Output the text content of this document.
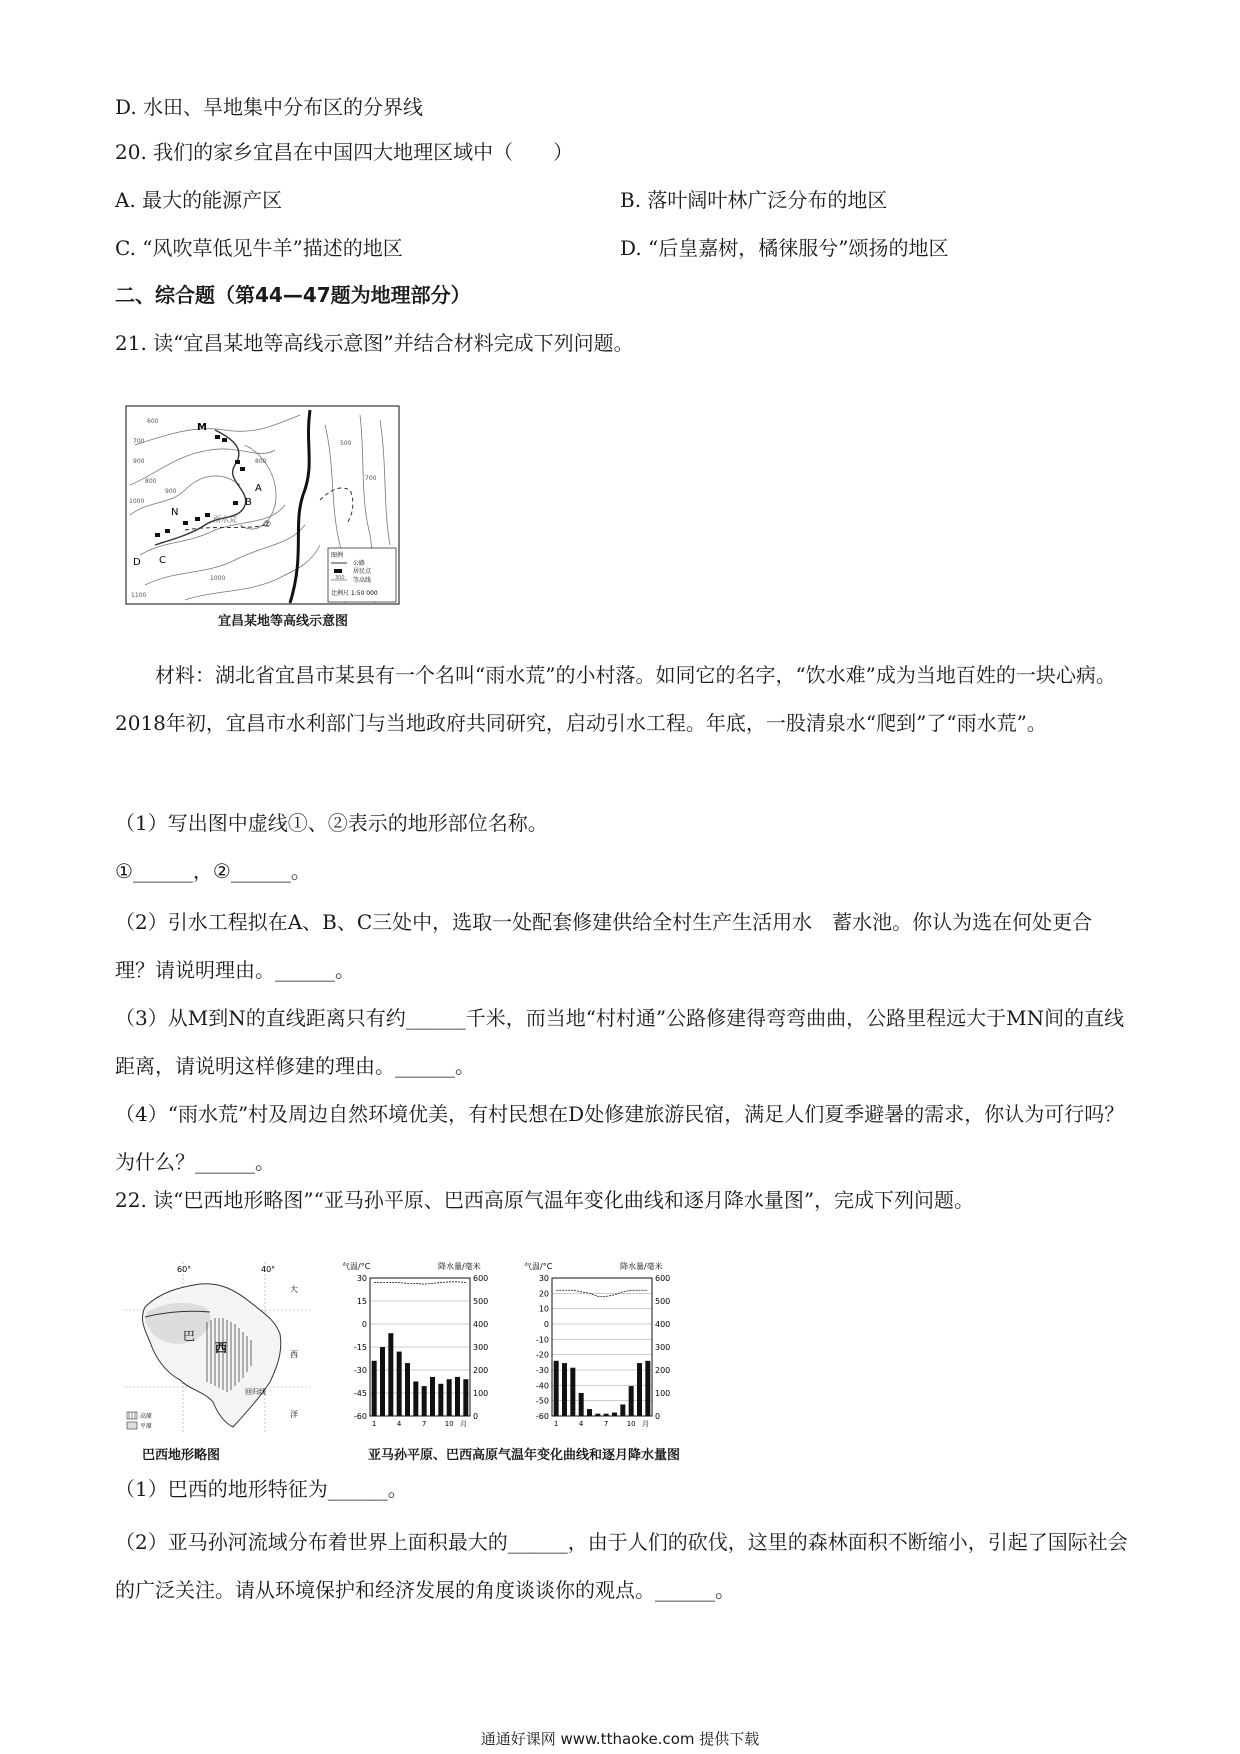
D. 水田、旱地集中分布区的分界线
20. 我们的家乡宜昌在中国四大地理区域中（　　）
A. 最大的能源产区	B. 落叶阔叶林广泛分布的地区
C. “风吹草低见牛羊”描述的地区	D. “后皇嘉树，橘徕服兮”颂扬的地区
二、综合题（第44—47题为地理部分）
21. 读“宜昌某地等高线示意图”并结合材料完成下列问题。
M
N
A
B
C
D
雨水荒
②
600
700
900
1000
800
900
1000
1100
800
700
500
图例
公路
居民点
300 等高线
比例尺 1:50 000
宜昌某地等高线示意图
材料：湖北省宜昌市某县有一个名叫“雨水荒”的小村落。如同它的名字，“饮水难”成为当地百姓的一块心病。2018年初，宜昌市水利部门与当地政府共同研究，启动引水工程。年底，一股清泉水“爬到”了“雨水荒”。
（1）写出图中虚线①、②表示的地形部位名称。
①______，②______。
（2）引水工程拟在A、B、C三处中，选取一处配套修建供给全村生产生活用水　蓄水池。你认为选在何处更合理？请说明理由。______。
（3）从M到N的直线距离只有约______千米，而当地“村村通”公路修建得弯弯曲曲，公路里程远大于MN间的直线距离，请说明这样修建的理由。______。
（4）“雨水荒”村及周边自然环境优美，有村民想在D处修建旅游民宿，满足人们夏季避暑的需求，你认为可行吗？为什么？______。
22. 读“巴西地形略图”“亚马孙平原、巴西高原气温年变化曲线和逐月降水量图”，完成下列问题。
60°	40°
大
巴
西	西
回归线
洋
高原
平原
巴西地形略图
气温/°C	降水量/毫米
30
15
0
-15
-30
-45
-60
600
500
400
300
200
100
0
1	4	7	10 月
气温/°C	降水量/毫米
30
20
10
0
-10
-20
-30
-40
-50
-60
600
500
400
300
200
100
0
1	4	7	10 月
亚马孙平原、巴西高原气温年变化曲线和逐月降水量图
（1）巴西的地形特征为______。
（2）亚马孙河流域分布着世界上面积最大的______，由于人们的砍伐，这里的森林面积不断缩小，引起了国际社会的广泛关注。请从环境保护和经济发展的角度谈谈你的观点。______。
通通好课网 www.tthaoke.com 提供下载
